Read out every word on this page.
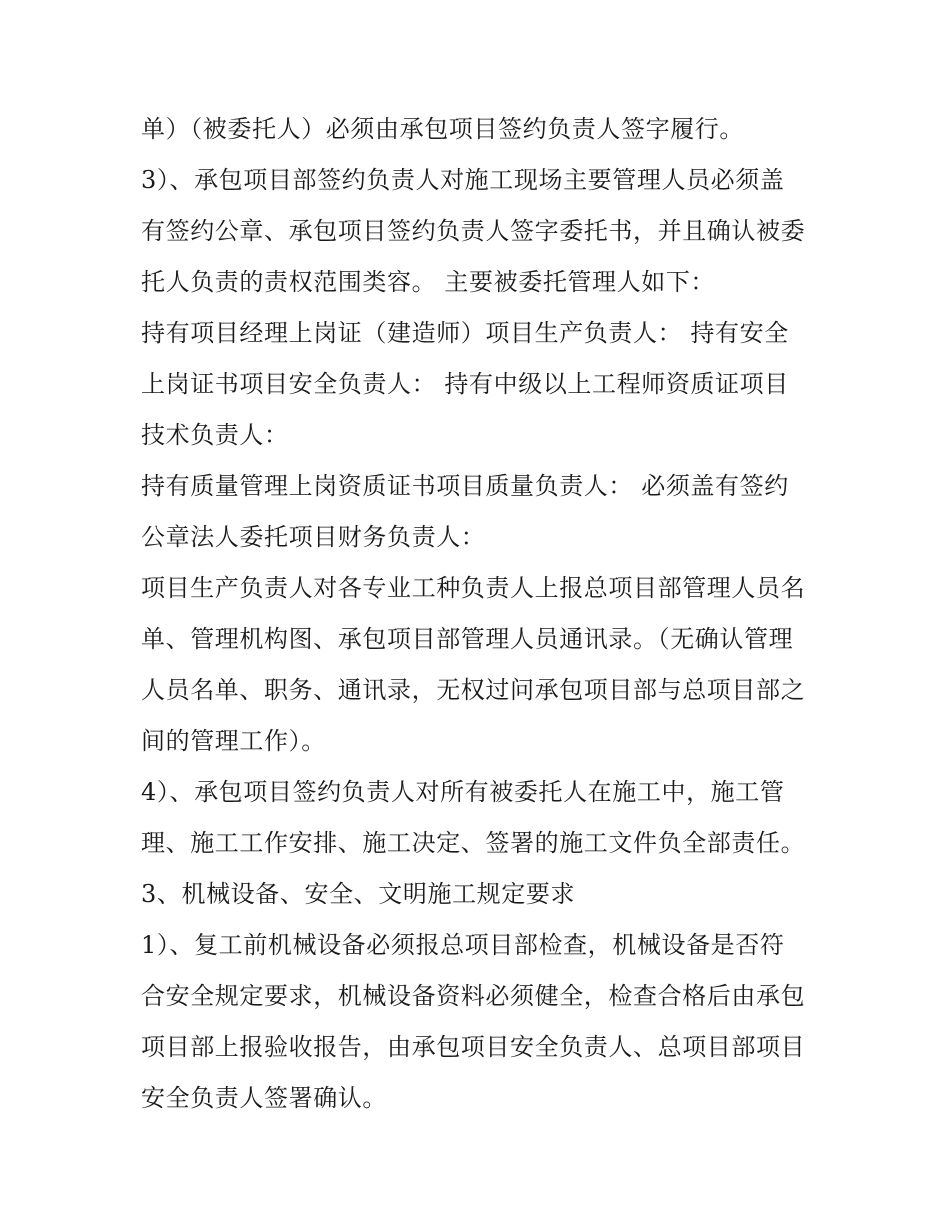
单）（被委托人）必须由承包项目签约负责人签字履行。
3）、承包项目部签约负责人对施工现场主要管理人员必须盖
有签约公章、承包项目签约负责人签字委托书，并且确认被委
托人负责的责权范围类容。 主要被委托管理人如下：
持有项目经理上岗证（建造师）项目生产负责人： 持有安全
上岗证书项目安全负责人： 持有中级以上工程师资质证项目
技术负责人：
持有质量管理上岗资质证书项目质量负责人： 必须盖有签约
公章法人委托项目财务负责人：
项目生产负责人对各专业工种负责人上报总项目部管理人员名
单、管理机构图、承包项目部管理人员通讯录。（无确认管理
人员名单、职务、通讯录，无权过问承包项目部与总项目部之
间的管理工作）。
4）、承包项目签约负责人对所有被委托人在施工中，施工管
理、施工工作安排、施工决定、签署的施工文件负全部责任。
3、机械设备、安全、文明施工规定要求
1）、复工前机械设备必须报总项目部检查，机械设备是否符
合安全规定要求，机械设备资料必须健全，检查合格后由承包
项目部上报验收报告，由承包项目安全负责人、总项目部项目
安全负责人签署确认。
